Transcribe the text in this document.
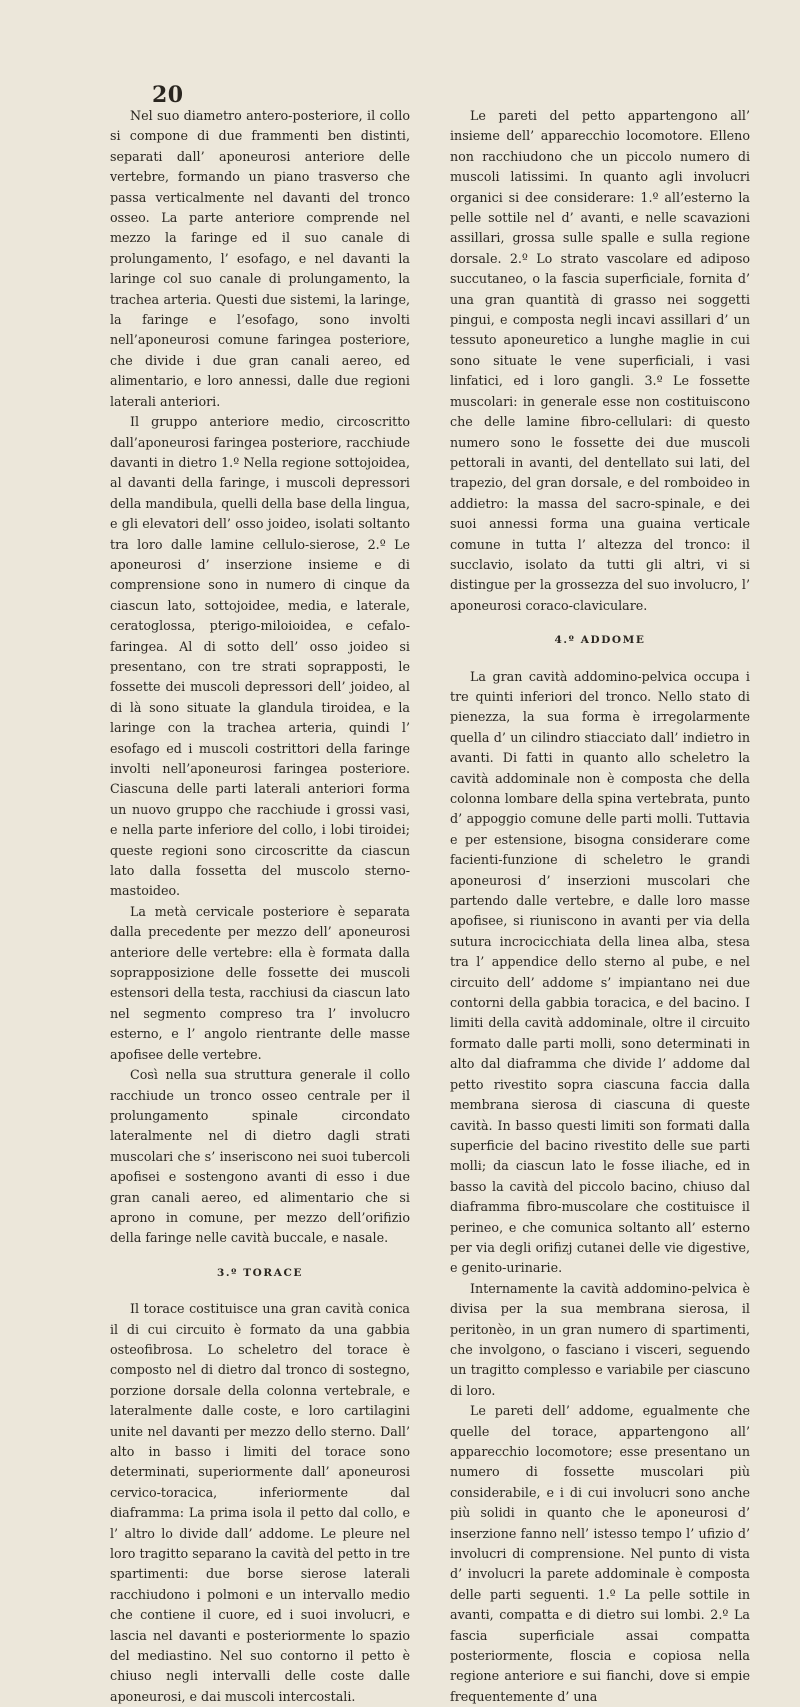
20

Nel suo diametro antero-posteriore, il collo si compone di due frammenti ben distinti, separati dall’ aponeurosi anteriore delle vertebre, formando un piano trasverso che passa verticalmente nel davanti del tronco osseo. La parte anteriore comprende nel mezzo la faringe ed il suo canale di prolungamento, l’ esofago, e nel davanti la laringe col suo canale di prolungamento, la trachea arteria. Questi due sistemi, la laringe, la faringe e l’esofago, sono involti nell’aponeurosi comune faringea posteriore, che divide i due gran canali aereo, ed alimentario, e loro annessi, dalle due regioni laterali anteriori.

Il gruppo anteriore medio, circoscritto dall’aponeurosi faringea posteriore, racchiude davanti in dietro 1.º Nella regione sottojoidea, al davanti della faringe, i muscoli depressori della mandibula, quelli della base della lingua, e gli elevatori dell’ osso joideo, isolati soltanto tra loro dalle lamine cellulo-sierose, 2.º Le aponeurosi d’ inserzione insieme e di comprensione sono in numero di cinque da ciascun lato, sottojoidee, media, e laterale, ceratoglossa, pterigo-miloioidea, e cefalo-faringea. Al di sotto dell’ osso joideo si presentano, con tre strati soprapposti, le fossette dei muscoli depressori dell’ joideo, al di là sono situate la glandula tiroidea, e la laringe con la trachea arteria, quindi l’ esofago ed i muscoli costrittori della faringe involti nell’aponeurosi faringea posteriore. Ciascuna delle parti laterali anteriori forma un nuovo gruppo che racchiude i grossi vasi, e nella parte inferiore del collo, i lobi tiroidei; queste regioni sono circoscritte da ciascun lato dalla fossetta del muscolo sterno-mastoideo.

La metà cervicale posteriore è separata dalla precedente per mezzo dell’ aponeurosi anteriore delle vertebre: ella è formata dalla soprapposizione delle fossette dei muscoli estensori della testa, racchiusi da ciascun lato nel segmento compreso tra l’ involucro esterno, e l’ angolo rientrante delle masse apofisee delle vertebre.

Così nella sua struttura generale il collo racchiude un tronco osseo centrale per il prolungamento spinale circondato lateralmente nel di dietro dagli strati muscolari che s’ inseriscono nei suoi tubercoli apofisei e sostengono avanti di esso i due gran canali aereo, ed alimentario che si aprono in comune, per mezzo dell’orifizio della faringe nelle cavità buccale, e nasale.

3.º TORACE

Il torace costituisce una gran cavità conica il di cui circuito è formato da una gabbia osteofibrosa. Lo scheletro del torace è composto nel di dietro dal tronco di sostegno, porzione dorsale della colonna vertebrale, e lateralmente dalle coste, e loro cartilagini unite nel davanti per mezzo dello sterno. Dall’ alto in basso i limiti del torace sono determinati, superiormente dall’ aponeurosi cervico-toracica, inferiormente dal diaframma: La prima isola il petto dal collo, e l’ altro lo divide dall’ addome. Le pleure nel loro tragitto separano la cavità del petto in tre spartimenti: due borse sierose laterali racchiudono i polmoni e un intervallo medio che contiene il cuore, ed i suoi involucri, e lascia nel davanti e posteriormente lo spazio del mediastino. Nel suo contorno il petto è chiuso negli intervalli delle coste dalle aponeurosi, e dai muscoli intercostali.

Le pareti del petto appartengono all’ insieme dell’ apparecchio locomotore. Elleno non racchiudono che un piccolo numero di muscoli latissimi. In quanto agli involucri organici si dee considerare: 1.º all’esterno la pelle sottile nel d’ avanti, e nelle scavazioni assillari, grossa sulle spalle e sulla regione dorsale. 2.º Lo strato vascolare ed adiposo succutaneo, o la fascia superficiale, fornita d’ una gran quantità di grasso nei soggetti pingui, e composta negli incavi assillari d’ un tessuto aponeuretico a lunghe maglie in cui sono situate le vene superficiali, i vasi linfatici, ed i loro gangli. 3.º Le fossette muscolari: in generale esse non costituiscono che delle lamine fibro-cellulari: di questo numero sono le fossette dei due muscoli pettorali in avanti, del dentellato sui lati, del trapezio, del gran dorsale, e del romboideo in addietro: la massa del sacro-spinale, e dei suoi annessi forma una guaina verticale comune in tutta l’ altezza del tronco: il succlavio, isolato da tutti gli altri, vi si distingue per la grossezza del suo involucro, l’ aponeurosi coraco-claviculare.

4.º ADDOME

La gran cavità addomino-pelvica occupa i tre quinti inferiori del tronco. Nello stato di pienezza, la sua forma è irregolarmente quella d’ un cilindro stiacciato dall’ indietro in avanti. Di fatti in quanto allo scheletro la cavità addominale non è composta che della colonna lombare della spina vertebrata, punto d’ appoggio comune delle parti molli. Tuttavia e per estensione, bisogna considerare come facienti-funzione di scheletro le grandi aponeurosi d’ inserzioni muscolari che partendo dalle vertebre, e dalle loro masse apofisee, si riuniscono in avanti per via della sutura incrocicchiata della linea alba, stesa tra l’ appendice dello sterno al pube, e nel circuito dell’ addome s’ impiantano nei due contorni della gabbia toracica, e del bacino. I limiti della cavità addominale, oltre il circuito formato dalle parti molli, sono determinati in alto dal diaframma che divide l’ addome dal petto rivestito sopra ciascuna faccia dalla membrana sierosa di ciascuna di queste cavità. In basso questi limiti son formati dalla superficie del bacino rivestito delle sue parti molli; da ciascun lato le fosse iliache, ed in basso la cavità del piccolo bacino, chiuso dal diaframma fibro-muscolare che costituisce il perineo, e che comunica soltanto all’ esterno per via degli orifizj cutanei delle vie digestive, e genito-urinarie.

Internamente la cavità addomino-pelvica è divisa per la sua membrana sierosa, il peritonèo, in un gran numero di spartimenti, che involgono, o fasciano i visceri, seguendo un tragitto complesso e variabile per ciascuno di loro.

Le pareti dell’ addome, egualmente che quelle del torace, appartengono all’ apparecchio locomotore; esse presentano un numero di fossette muscolari più considerabile, e i di cui involucri sono anche più solidi in quanto che le aponeurosi d’ inserzione fanno nell’ istesso tempo l’ ufizio d’ involucri di comprensione. Nel punto di vista d’ involucri la parete addominale è composta delle parti seguenti. 1.º La pelle sottile in avanti, compatta e di dietro sui lombi. 2.º La fascia superficiale assai compatta posteriormente, floscia e copiosa nella regione anteriore e sui fianchi, dove si empie frequentemente d’ una
